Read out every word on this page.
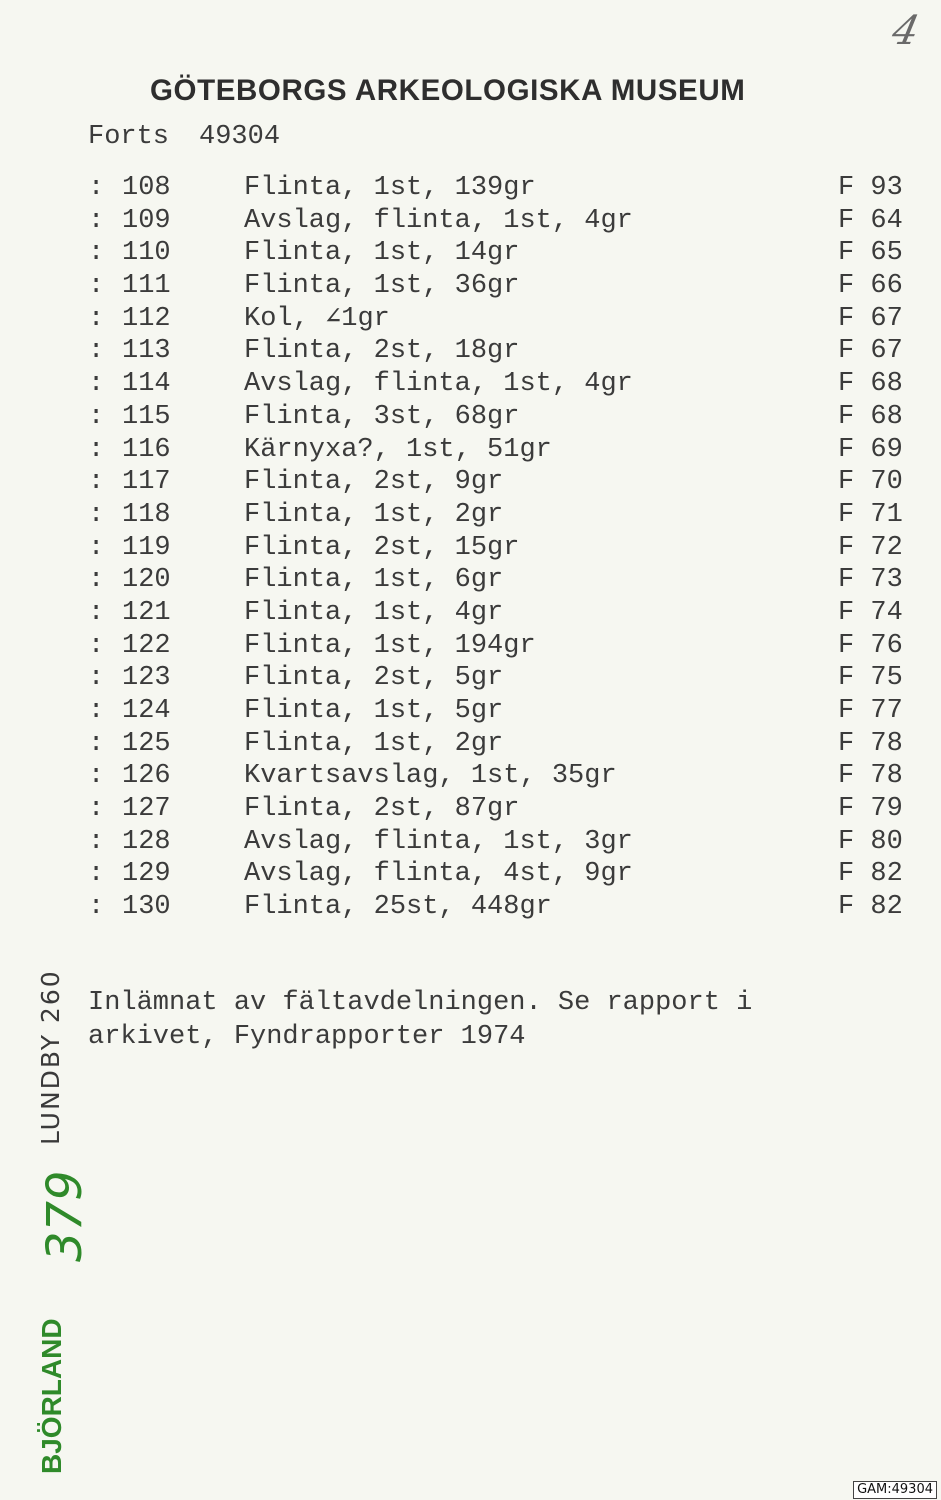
4
GÖTEBORGS ARKEOLOGISKA MUSEUM
Forts 49304
: 108	Flinta, 1st, 139gr	F 93
: 109	Avslag, flinta, 1st, 4gr	F 64
: 110	Flinta, 1st, 14gr	F 65
: 111	Flinta, 1st, 36gr	F 66
: 112	Kol, ∠1gr	F 67
: 113	Flinta, 2st, 18gr	F 67
: 114	Avslag, flinta, 1st, 4gr	F 68
: 115	Flinta, 3st, 68gr	F 68
: 116	Kärnyxa?, 1st, 51gr	F 69
: 117	Flinta, 2st, 9gr	F 70
: 118	Flinta, 1st, 2gr	F 71
: 119	Flinta, 2st, 15gr	F 72
: 120	Flinta, 1st, 6gr	F 73
: 121	Flinta, 1st, 4gr	F 74
: 122	Flinta, 1st, 194gr	F 76
: 123	Flinta, 2st, 5gr	F 75
: 124	Flinta, 1st, 5gr	F 77
: 125	Flinta, 1st, 2gr	F 78
: 126	Kvartsavslag, 1st, 35gr	F 78
: 127	Flinta, 2st, 87gr	F 79
: 128	Avslag, flinta, 1st, 3gr	F 80
: 129	Avslag, flinta, 4st, 9gr	F 82
: 130	Flinta, 25st, 448gr	F 82
Inlämnat av fältavdelningen. Se rapport i
arkivet, Fyndrapporter 1974
LUNDBY 260
379
BJÖRLAND
GAM:49304
